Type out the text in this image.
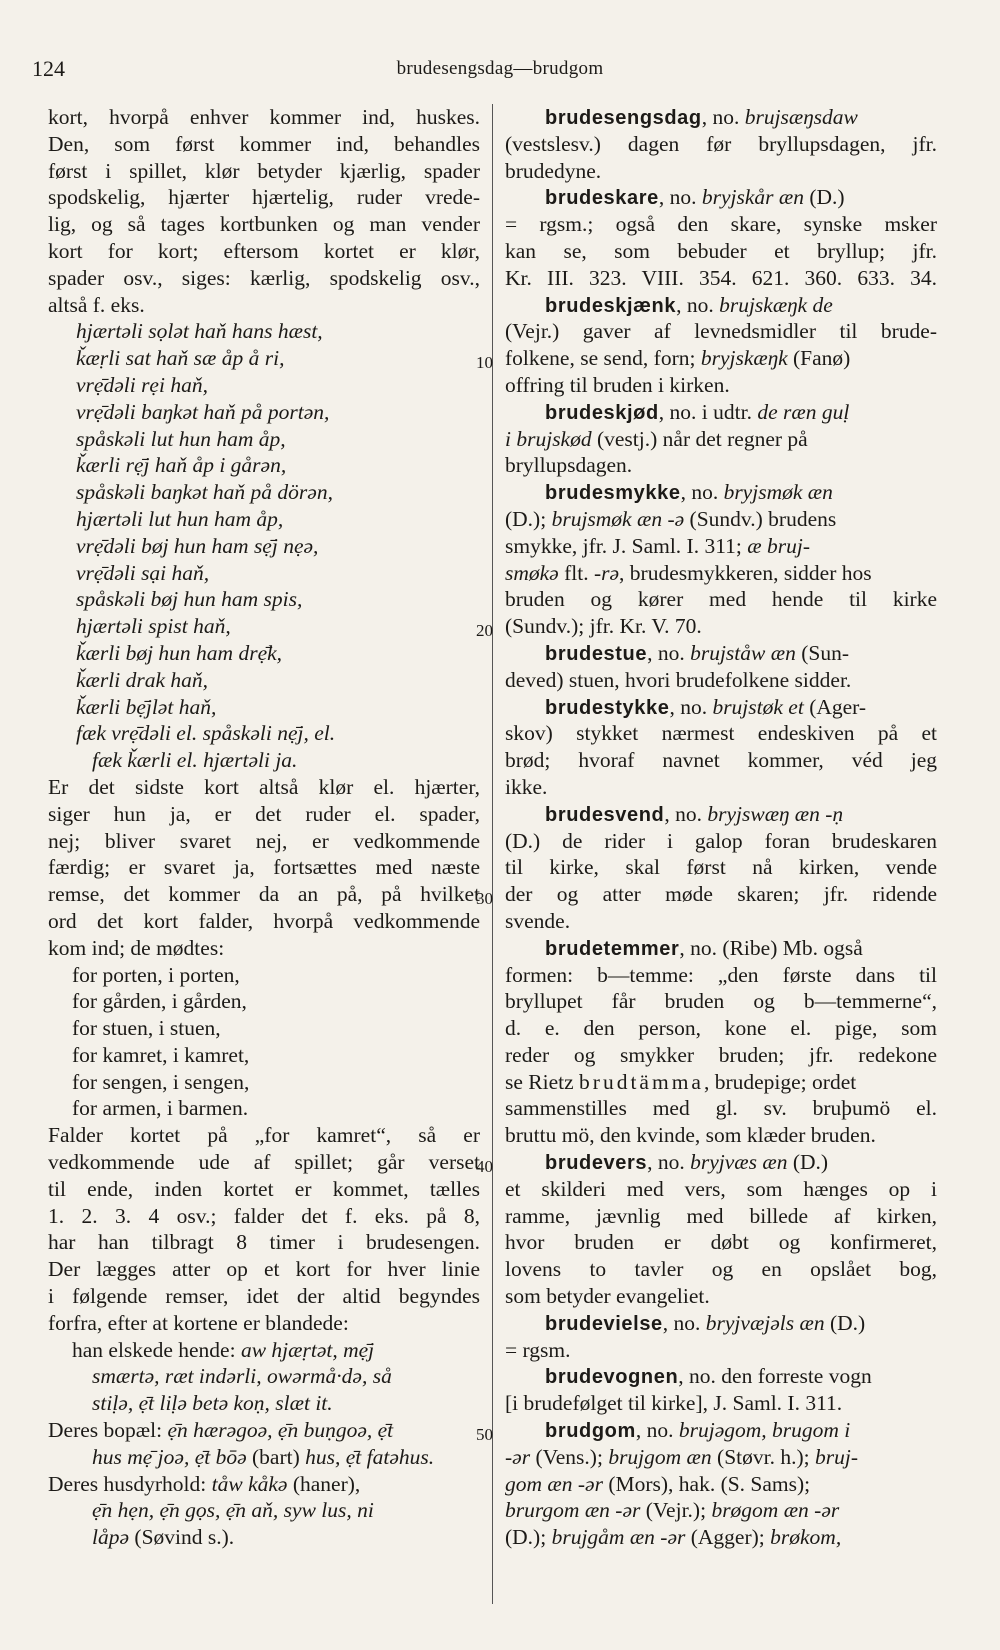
124	brudesengsdag—brudgom
10
20
30
40
50
kort, hvorpå enhver kommer ind, huskes.
Den, som først kommer ind, behandles
først i spillet, klør betyder kjærlig, spader
spodskelig, hjærter hjærtelig, ruder vrede-
lig, og så tages kortbunken og man vender
kort for kort; eftersom kortet er klør,
spader osv., siges: kærlig, spodskelig osv.,
altså f. eks.
hjærtəli sọlət haň hans hæst,
ǩæṛli sat haň sæ åp å ri,
vrẹ̄dəli rẹi haň,
vrẹ̄dəli baŋkət haň på portən,
spåskəli lut hun ham åp,
ǩærli rẹ̄j haň åp i gårən,
spåskəli baŋkət haň på dörən,
hjærtəli lut hun ham åp,
vrẹ̄dəli bøj hun ham sẹ̄j nẹə,
vrẹ̄dəli sại haň,
spåskəli bøj hun ham spis,
hjærtəli spist haň,
ǩærli bøj hun ham drẹ̄k,
ǩærli drak haň,
ǩærli bẹ̄jlət haň,
fæk vrẹ̄dəli el. spåskəli nẹ̄j, el.
fæk ǩærli el. hjærtəli ja.
Er det sidste kort altså klør el. hjærter,
siger hun ja, er det ruder el. spader,
nej; bliver svaret nej, er vedkommende
færdig; er svaret ja, fortsættes med næste
remse, det kommer da an på, på hvilket
ord det kort falder, hvorpå vedkommende
kom ind; de mødtes:
for porten, i porten,
for gården, i gården,
for stuen, i stuen,
for kamret, i kamret,
for sengen, i sengen,
for armen, i barmen.
Falder kortet på „for kamret“, så er
vedkommende ude af spillet; går verset
til ende, inden kortet er kommet, tælles
1. 2. 3. 4 osv.; falder det f. eks. på 8,
har han tilbragt 8 timer i brudesengen.
Der lægges atter op et kort for hver linie
i følgende remser, idet der altid begyndes
forfra, efter at kortene er blandede:
han elskede hende: aw hjæṛtət, mẹ̄j
smærtə, ræt indərli, owərmå·də, så
stiḷə, ẹ̄t liḷə betə koṇ, slæt it.
Deres bopæl: ẹ̄n hærəgoə, ẹ̄n buṇgoə, ẹ̄t
hus mẹ̄ joə, ẹ̄t bōə (bart) hus, ẹ̄t fatəhus.
Deres husdyrhold: tåw kåkə (haner),
ẹ̄n hẹn, ẹ̄n gọs, ẹ̄n aň, syw lus, ni
låpə (Søvind s.).
brudesengsdag, no. brujsæŋsdaw
(vestslesv.) dagen før bryllupsdagen, jfr.
brudedyne.
brudeskare, no. bryjskår æn (D.)
= rgsm.; også den skare, synske msker
kan se, som bebuder et bryllup; jfr.
Kr. III. 323. VIII. 354. 621. 360. 633. 34.
brudeskjænk, no. brujskæŋk de
(Vejr.) gaver af levnedsmidler til brude-
folkene, se send, forn; bryjskæŋk (Fanø)
offring til bruden i kirken.
brudeskjød, no. i udtr. de ræn guḷ
i brujskød (vestj.) når det regner på
bryllupsdagen.
brudesmykke, no. bryjsmøk æn
(D.); brujsmøk æn -ə (Sundv.) brudens
smykke, jfr. J. Saml. I. 311; æ bruj-
smøkə flt. -rə, brudesmykkeren, sidder hos
bruden og kører med hende til kirke
(Sundv.); jfr. Kr. V. 70.
brudestue, no. brujståw æn (Sun-
deved) stuen, hvori brudefolkene sidder.
brudestykke, no. brujstøk et (Ager-
skov) stykket nærmest endeskiven på et
brød; hvoraf navnet kommer, véd jeg
ikke.
brudesvend, no. bryjswæŋ æn -ṇ
(D.) de rider i galop foran brudeskaren
til kirke, skal først nå kirken, vende
der og atter møde skaren; jfr. ridende
svende.
brudetemmer, no. (Ribe) Mb. også
formen: b—temme: „den første dans til
bryllupet får bruden og b—temmerne“,
d. e. den person, kone el. pige, som
reder og smykker bruden; jfr. redekone
se Rietz brudtämma, brudepige; ordet
sammenstilles med gl. sv. bruþumö el.
bruttu mö, den kvinde, som klæder bruden.
brudevers, no. bryjvæs æn (D.)
et skilderi med vers, som hænges op i
ramme, jævnlig med billede af kirken,
hvor bruden er døbt og konfirmeret,
lovens to tavler og en opslået bog,
som betyder evangeliet.
brudevielse, no. bryjvæjəls æn (D.)
= rgsm.
brudevognen, no. den forreste vogn
[i brudefølget til kirke], J. Saml. I. 311.
brudgom, no. brujəgom, brugom i
-ər (Vens.); brujgom æn (Støvr. h.); bruj-
gom æn -ər (Mors), hak. (S. Sams);
brurgom æn -ər (Vejr.); brøgom æn -ər
(D.); brujgåm æn -ər (Agger); brøkom,
